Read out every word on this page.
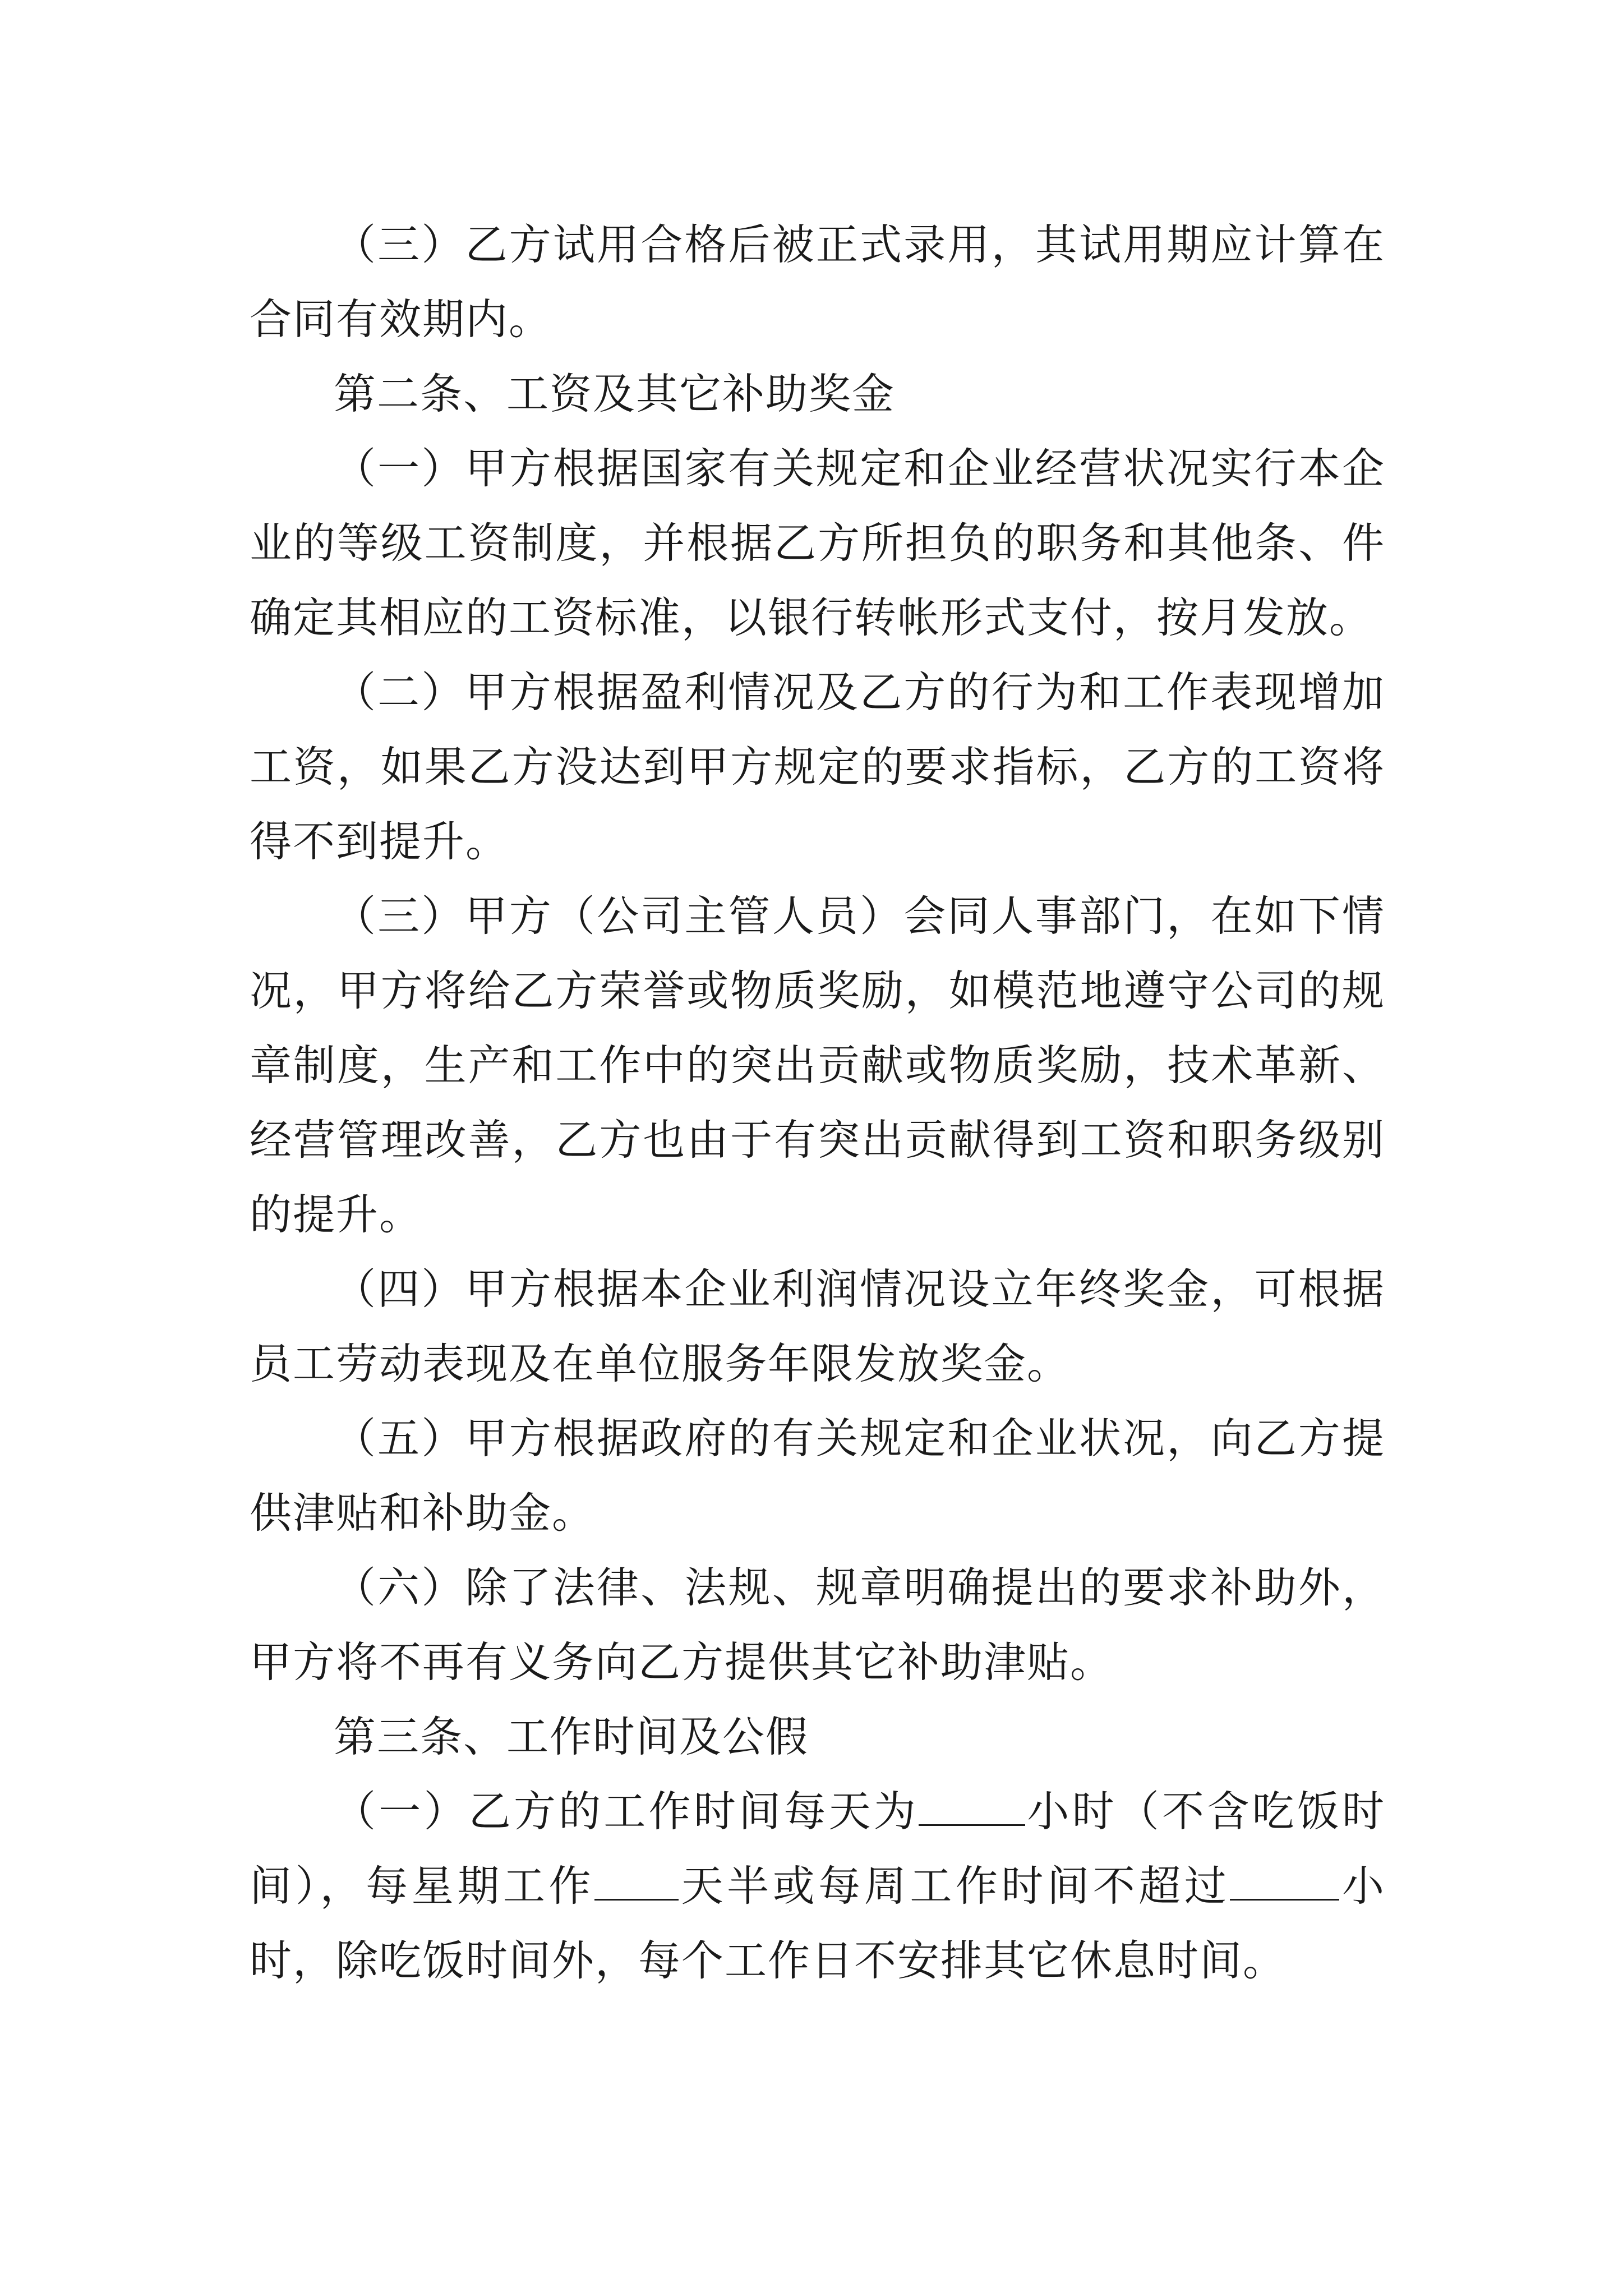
（三）乙方试用合格后被正式录用，其试用期应计算在合同有效期内。

第二条、工资及其它补助奖金

（一）甲方根据国家有关规定和企业经营状况实行本企业的等级工资制度，并根据乙方所担负的职务和其他条、件确定其相应的工资标准，以银行转帐形式支付，按月发放。

（二）甲方根据盈利情况及乙方的行为和工作表现增加工资，如果乙方没达到甲方规定的要求指标，乙方的工资将得不到提升。

（三）甲方（公司主管人员）会同人事部门，在如下情况，甲方将给乙方荣誉或物质奖励，如模范地遵守公司的规章制度，生产和工作中的突出贡献或物质奖励，技术革新、经营管理改善，乙方也由于有突出贡献得到工资和职务级别的提升。

（四）甲方根据本企业利润情况设立年终奖金，可根据员工劳动表现及在单位服务年限发放奖金。

（五）甲方根据政府的有关规定和企业状况，向乙方提供津贴和补助金。

（六）除了法律、法规、规章明确提出的要求补助外，甲方将不再有义务向乙方提供其它补助津贴。

第三条、工作时间及公假

（一）乙方的工作时间每天为	小时（不含吃饭时间），每星期工作 天半或每周工作时间不超过	小时，除吃饭时间外，每个工作日不安排其它休息时间。
